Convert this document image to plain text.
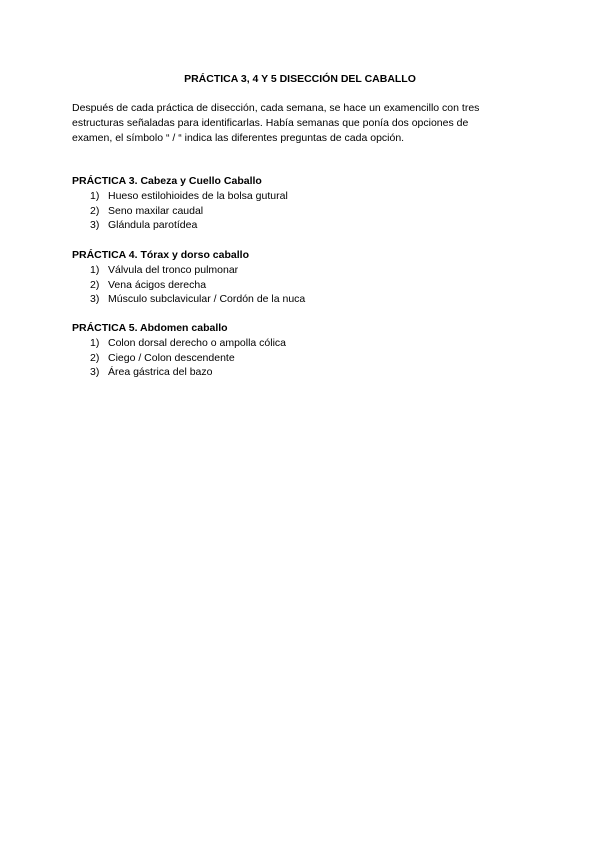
PRÁCTICA 3, 4 Y 5 DISECCIÓN DEL CABALLO
Después de cada práctica de disección, cada semana, se hace un examencillo con tres
estructuras señaladas para identificarlas. Había semanas que ponía dos opciones de
examen, el símbolo “ / “ indica las diferentes preguntas de cada opción.
PRÁCTICA 3. Cabeza y Cuello Caballo
1) Hueso estilohioides de la bolsa gutural
2) Seno maxilar caudal
3) Glándula parotídea
PRÁCTICA 4. Tórax y dorso caballo
1) Válvula del tronco pulmonar
2) Vena ácigos derecha
3) Músculo subclavicular / Cordón de la nuca
PRÁCTICA 5. Abdomen caballo
1) Colon dorsal derecho o ampolla cólica
2) Ciego / Colon descendente
3) Área gástrica del bazo
